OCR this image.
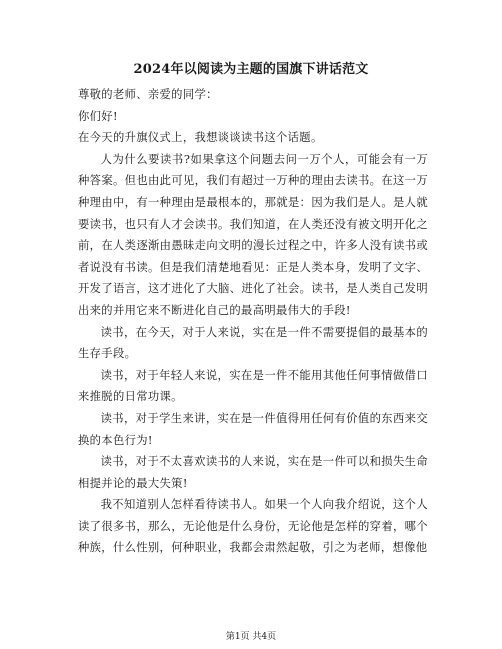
2024年以阅读为主题的国旗下讲话范文

尊敬的老师、亲爱的同学：

你们好!

在今天的升旗仪式上，我想谈谈读书这个话题。

人为什么要读书?如果拿这个问题去问一万个人，可能会有一万种答案。但也由此可见，我们有超过一万种的理由去读书。在这一万种理由中，有一种理由是最根本的，那就是：因为我们是人。是人就要读书，也只有人才会读书。我们知道，在人类还没有被文明开化之前，在人类逐渐由愚昧走向文明的漫长过程之中，许多人没有读书或者说没有书读。但是我们清楚地看见：正是人类本身，发明了文字、开发了语言，这才进化了大脑、进化了社会。读书，是人类自己发明出来的并用它来不断进化自己的最高明最伟大的手段!

读书，在今天，对于人来说，实在是一件不需要提倡的最基本的生存手段。

读书，对于年轻人来说，实在是一件不能用其他任何事情做借口来推脱的日常功课。

读书，对于学生来讲，实在是一件值得用任何有价值的东西来交换的本色行为!

读书，对于不太喜欢读书的人来说，实在是一件可以和损失生命相提并论的最大失策!

我不知道别人怎样看待读书人。如果一个人向我介绍说，这个人读了很多书，那么，无论他是什么身份，无论他是怎样的穿着，哪个种族，什么性别，何种职业，我都会肃然起敬，引之为老师，想像他

第1页 共4页
